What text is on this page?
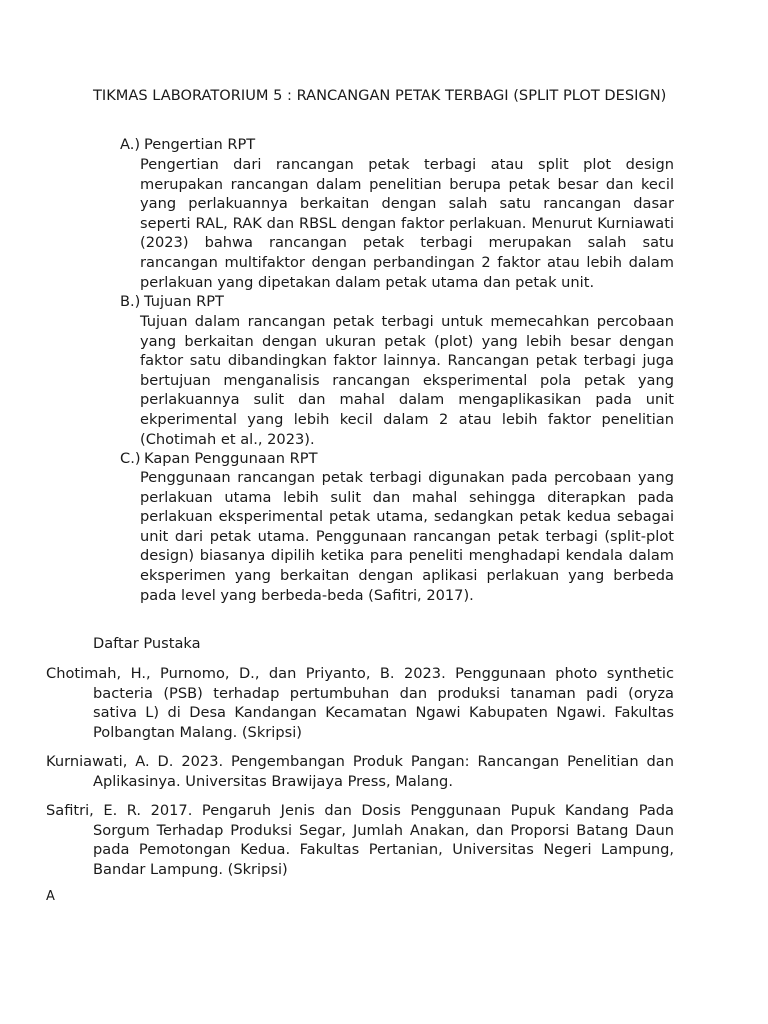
TIKMAS LABORATORIUM 5 : RANCANGAN PETAK TERBAGI (SPLIT PLOT DESIGN)
A.) Pengertian RPT
Pengertian dari rancangan petak terbagi atau split plot design merupakan rancangan dalam penelitian berupa petak besar dan kecil yang perlakuannya berkaitan dengan salah satu rancangan dasar seperti RAL, RAK dan RBSL dengan faktor perlakuan. Menurut Kurniawati (2023) bahwa rancangan petak terbagi merupakan salah satu rancangan multifaktor dengan perbandingan 2 faktor atau lebih dalam perlakuan yang dipetakan dalam petak utama dan petak unit.
B.) Tujuan RPT
Tujuan dalam rancangan petak terbagi untuk memecahkan percobaan yang berkaitan dengan ukuran petak (plot) yang lebih besar dengan faktor satu dibandingkan faktor lainnya. Rancangan petak terbagi juga bertujuan menganalisis rancangan eksperimental pola petak yang perlakuannya sulit dan mahal dalam mengaplikasikan pada unit ekperimental yang lebih kecil dalam 2 atau lebih faktor penelitian (Chotimah et al., 2023).
C.) Kapan Penggunaan RPT
Penggunaan rancangan petak terbagi digunakan pada percobaan yang perlakuan utama lebih sulit dan mahal sehingga diterapkan pada perlakuan eksperimental petak utama, sedangkan petak kedua sebagai unit dari petak utama. Penggunaan rancangan petak terbagi (split-plot design) biasanya dipilih ketika para peneliti menghadapi kendala dalam eksperimen yang berkaitan dengan aplikasi perlakuan yang berbeda pada level yang berbeda-beda (Safitri, 2017).
Daftar Pustaka
Chotimah, H., Purnomo, D., dan Priyanto, B. 2023. Penggunaan photo synthetic bacteria (PSB) terhadap pertumbuhan dan produksi tanaman padi (oryza sativa L) di Desa Kandangan Kecamatan Ngawi Kabupaten Ngawi. Fakultas Polbangtan Malang. (Skripsi)
Kurniawati, A. D. 2023. Pengembangan Produk Pangan: Rancangan Penelitian dan Aplikasinya. Universitas Brawijaya Press, Malang.
Safitri, E. R. 2017. Pengaruh Jenis dan Dosis Penggunaan Pupuk Kandang Pada Sorgum Terhadap Produksi Segar, Jumlah Anakan, dan Proporsi Batang Daun pada Pemotongan Kedua. Fakultas Pertanian, Universitas Negeri Lampung, Bandar Lampung. (Skripsi)
A
